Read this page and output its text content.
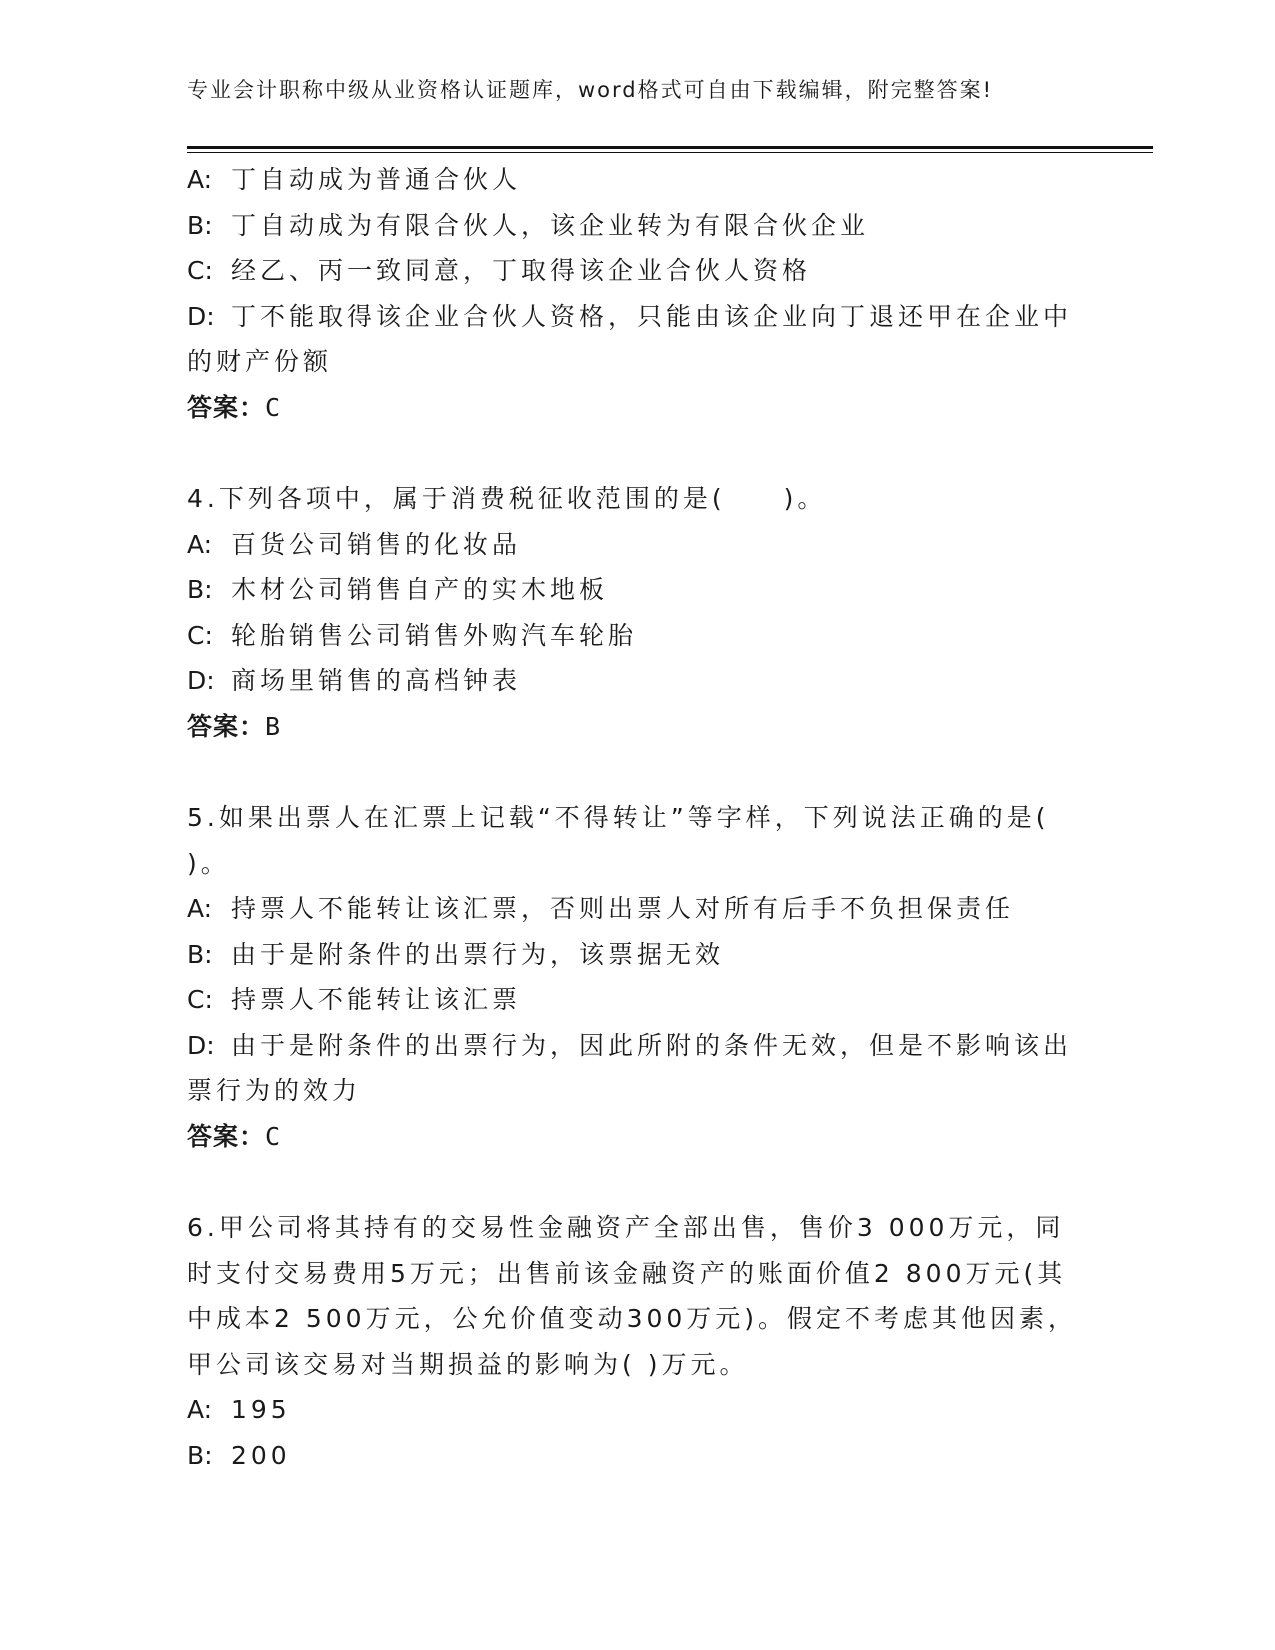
专业会计职称中级从业资格认证题库，word格式可自由下载编辑，附完整答案!
A: 丁自动成为普通合伙人
B: 丁自动成为有限合伙人，该企业转为有限合伙企业
C: 经乙、丙一致同意，丁取得该企业合伙人资格
D: 丁不能取得该企业合伙人资格，只能由该企业向丁退还甲在企业中
的财产份额
答案：C
4.下列各项中，属于消费税征收范围的是(　　)。
A: 百货公司销售的化妆品
B: 木材公司销售自产的实木地板
C: 轮胎销售公司销售外购汽车轮胎
D: 商场里销售的高档钟表
答案：B
5.如果出票人在汇票上记载“不得转让”等字样，下列说法正确的是(
)。
A: 持票人不能转让该汇票，否则出票人对所有后手不负担保责任
B: 由于是附条件的出票行为，该票据无效
C: 持票人不能转让该汇票
D: 由于是附条件的出票行为，因此所附的条件无效，但是不影响该出
票行为的效力
答案：C
6.甲公司将其持有的交易性金融资产全部出售，售价3 000万元，同
时支付交易费用5万元；出售前该金融资产的账面价值2 800万元(其
中成本2 500万元，公允价值变动300万元)。假定不考虑其他因素，
甲公司该交易对当期损益的影响为( )万元。
A: 195
B: 200
